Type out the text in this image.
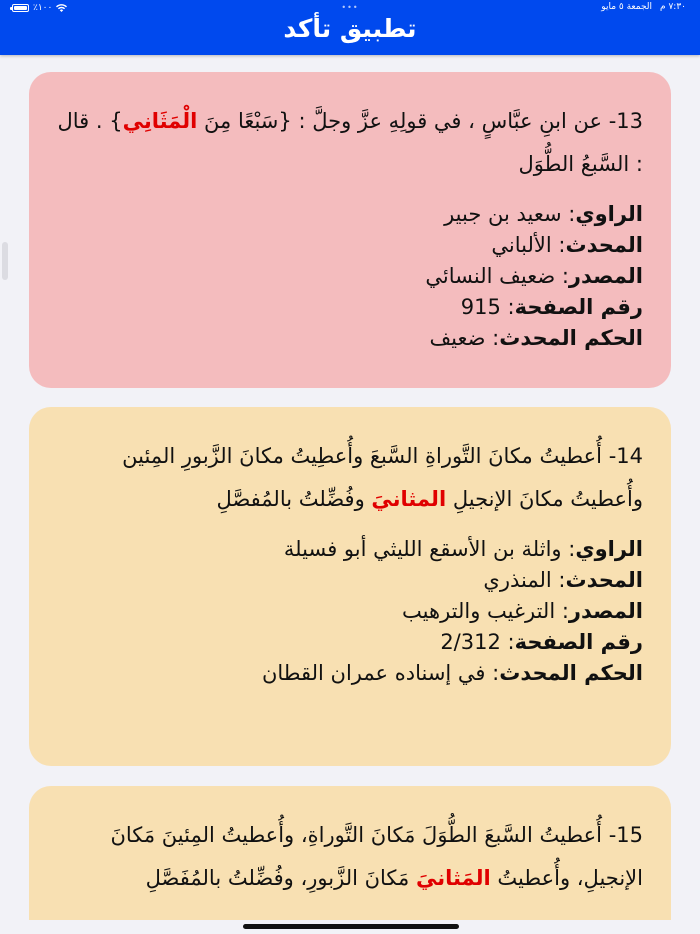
٪١٠٠	•••	٧:٣٠ م
الجمعة ٥ مايو
تطبيق تأكد
13- عن ابنِ عبَّاسٍ ، في قولِهِ عزَّ وجلَّ : {سَبْعًا مِنَ الْمَثَانِي} . قال : السَّبعُ الطُّوَل
الراوي: سعيد بن جبير
المحدث: الألباني
المصدر: ضعيف النسائي
رقم الصفحة: 915
الحكم المحدث: ضعيف
14- أُعطيتُ مكانَ التَّوراةِ السَّبعَ وأُعطِيتُ مكانَ الزَّبورِ المِئين وأُعطيتُ مكانَ الإنجيلِ المثانيَ وفُضِّلتُ بالمُفصَّلِ
الراوي: واثلة بن الأسقع الليثي أبو فسيلة
المحدث: المنذري
المصدر: الترغيب والترهيب
رقم الصفحة: 2/312
الحكم المحدث: في إسناده عمران القطان
15- أُعطيتُ السَّبعَ الطُّوَلَ مَكانَ التَّوراةِ، وأُعطيتُ المِئينَ مَكانَ الإنجيلِ، وأُعطيتُ المَثانيَ مَكانَ الزَّبورِ، وفُضِّلتُ بالمُفَصَّلِ
